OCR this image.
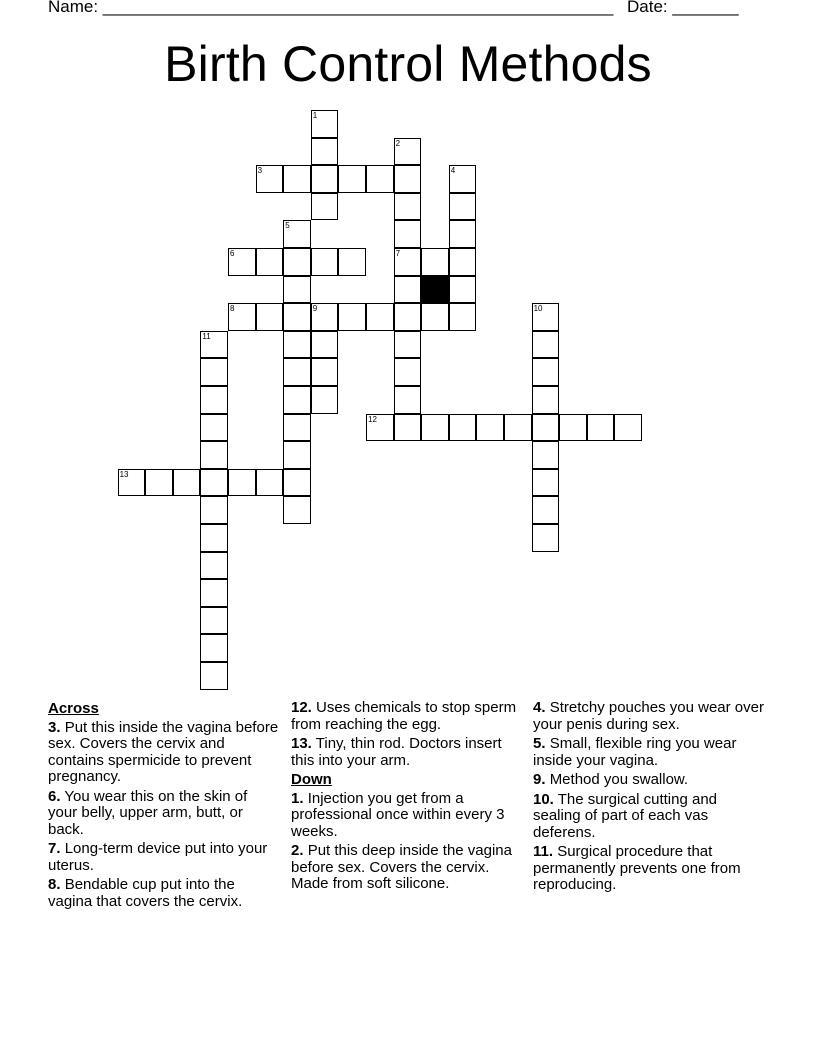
Name: ______________________________________________________ Date: _______
Birth Control Methods
1
2
3	4
5
6	7
8	9	10
11
12
13
Across
3. Put this inside the vagina before sex. Covers the cervix and contains spermicide to prevent pregnancy.
6. You wear this on the skin of your belly, upper arm, butt, or back.
7. Long-term device put into your uterus.
8. Bendable cup put into the vagina that covers the cervix.
12. Uses chemicals to stop sperm from reaching the egg.
13. Tiny, thin rod. Doctors insert this into your arm.
Down
1. Injection you get from a professional once within every 3 weeks.
2. Put this deep inside the vagina before sex. Covers the cervix. Made from soft silicone.
4. Stretchy pouches you wear over your penis during sex.
5. Small, flexible ring you wear inside your vagina.
9. Method you swallow.
10. The surgical cutting and sealing of part of each vas deferens.
11. Surgical procedure that permanently prevents one from reproducing.
